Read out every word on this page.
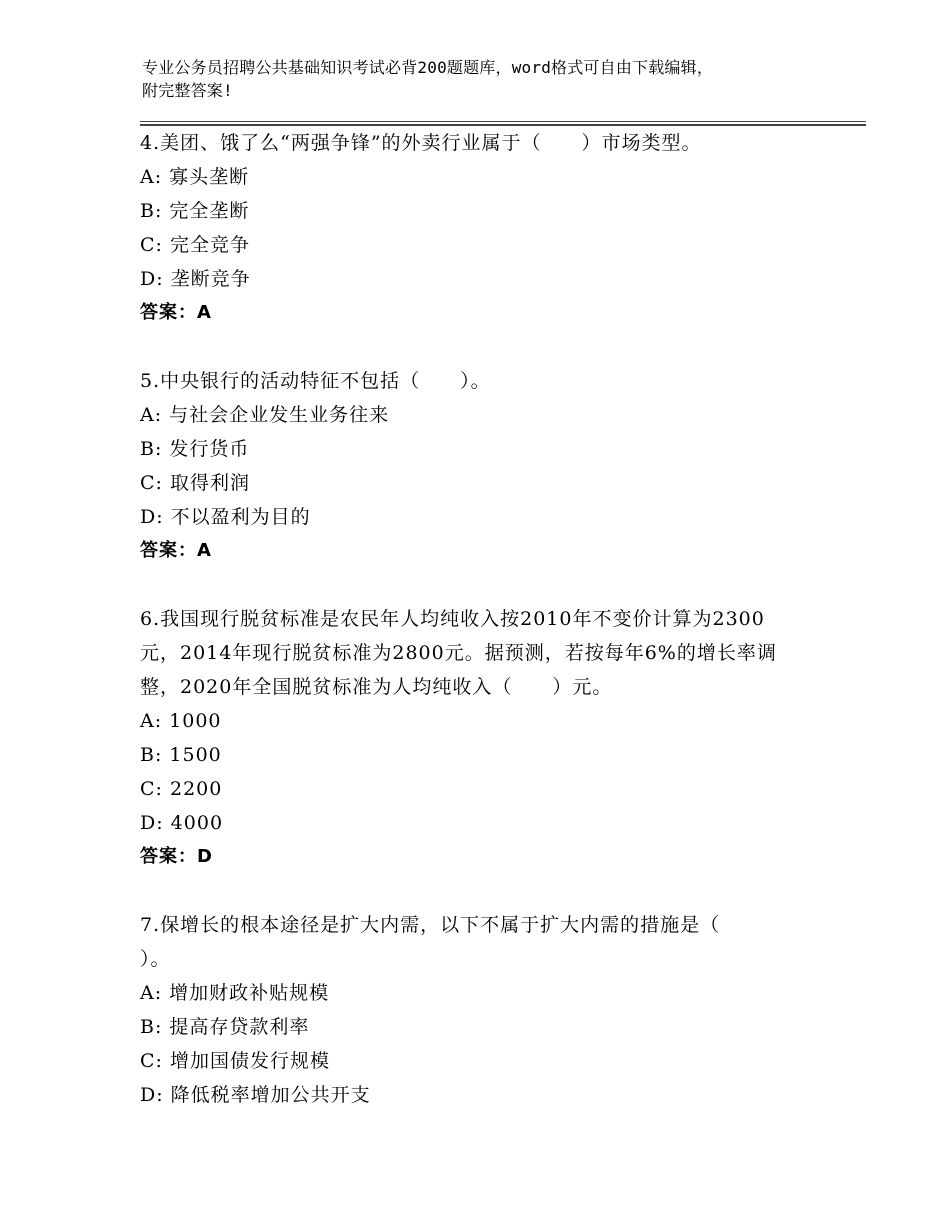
专业公务员招聘公共基础知识考试必背200题题库，word格式可自由下载编辑，
附完整答案!
4.美团、饿了么“两强争锋”的外卖行业属于（　　）市场类型。
A: 寡头垄断
B: 完全垄断
C: 完全竞争
D: 垄断竞争
答案：A
5.中央银行的活动特征不包括（　　）。
A: 与社会企业发生业务往来
B: 发行货币
C: 取得利润
D: 不以盈利为目的
答案：A
6.我国现行脱贫标准是农民年人均纯收入按2010年不变价计算为2300
元，2014年现行脱贫标准为2800元。据预测，若按每年6%的增长率调
整，2020年全国脱贫标准为人均纯收入（　　）元。
A: 1000
B: 1500
C: 2200
D: 4000
答案：D
7.保增长的根本途径是扩大内需，以下不属于扩大内需的措施是（
）。
A: 增加财政补贴规模
B: 提高存贷款利率
C: 增加国债发行规模
D: 降低税率增加公共开支
